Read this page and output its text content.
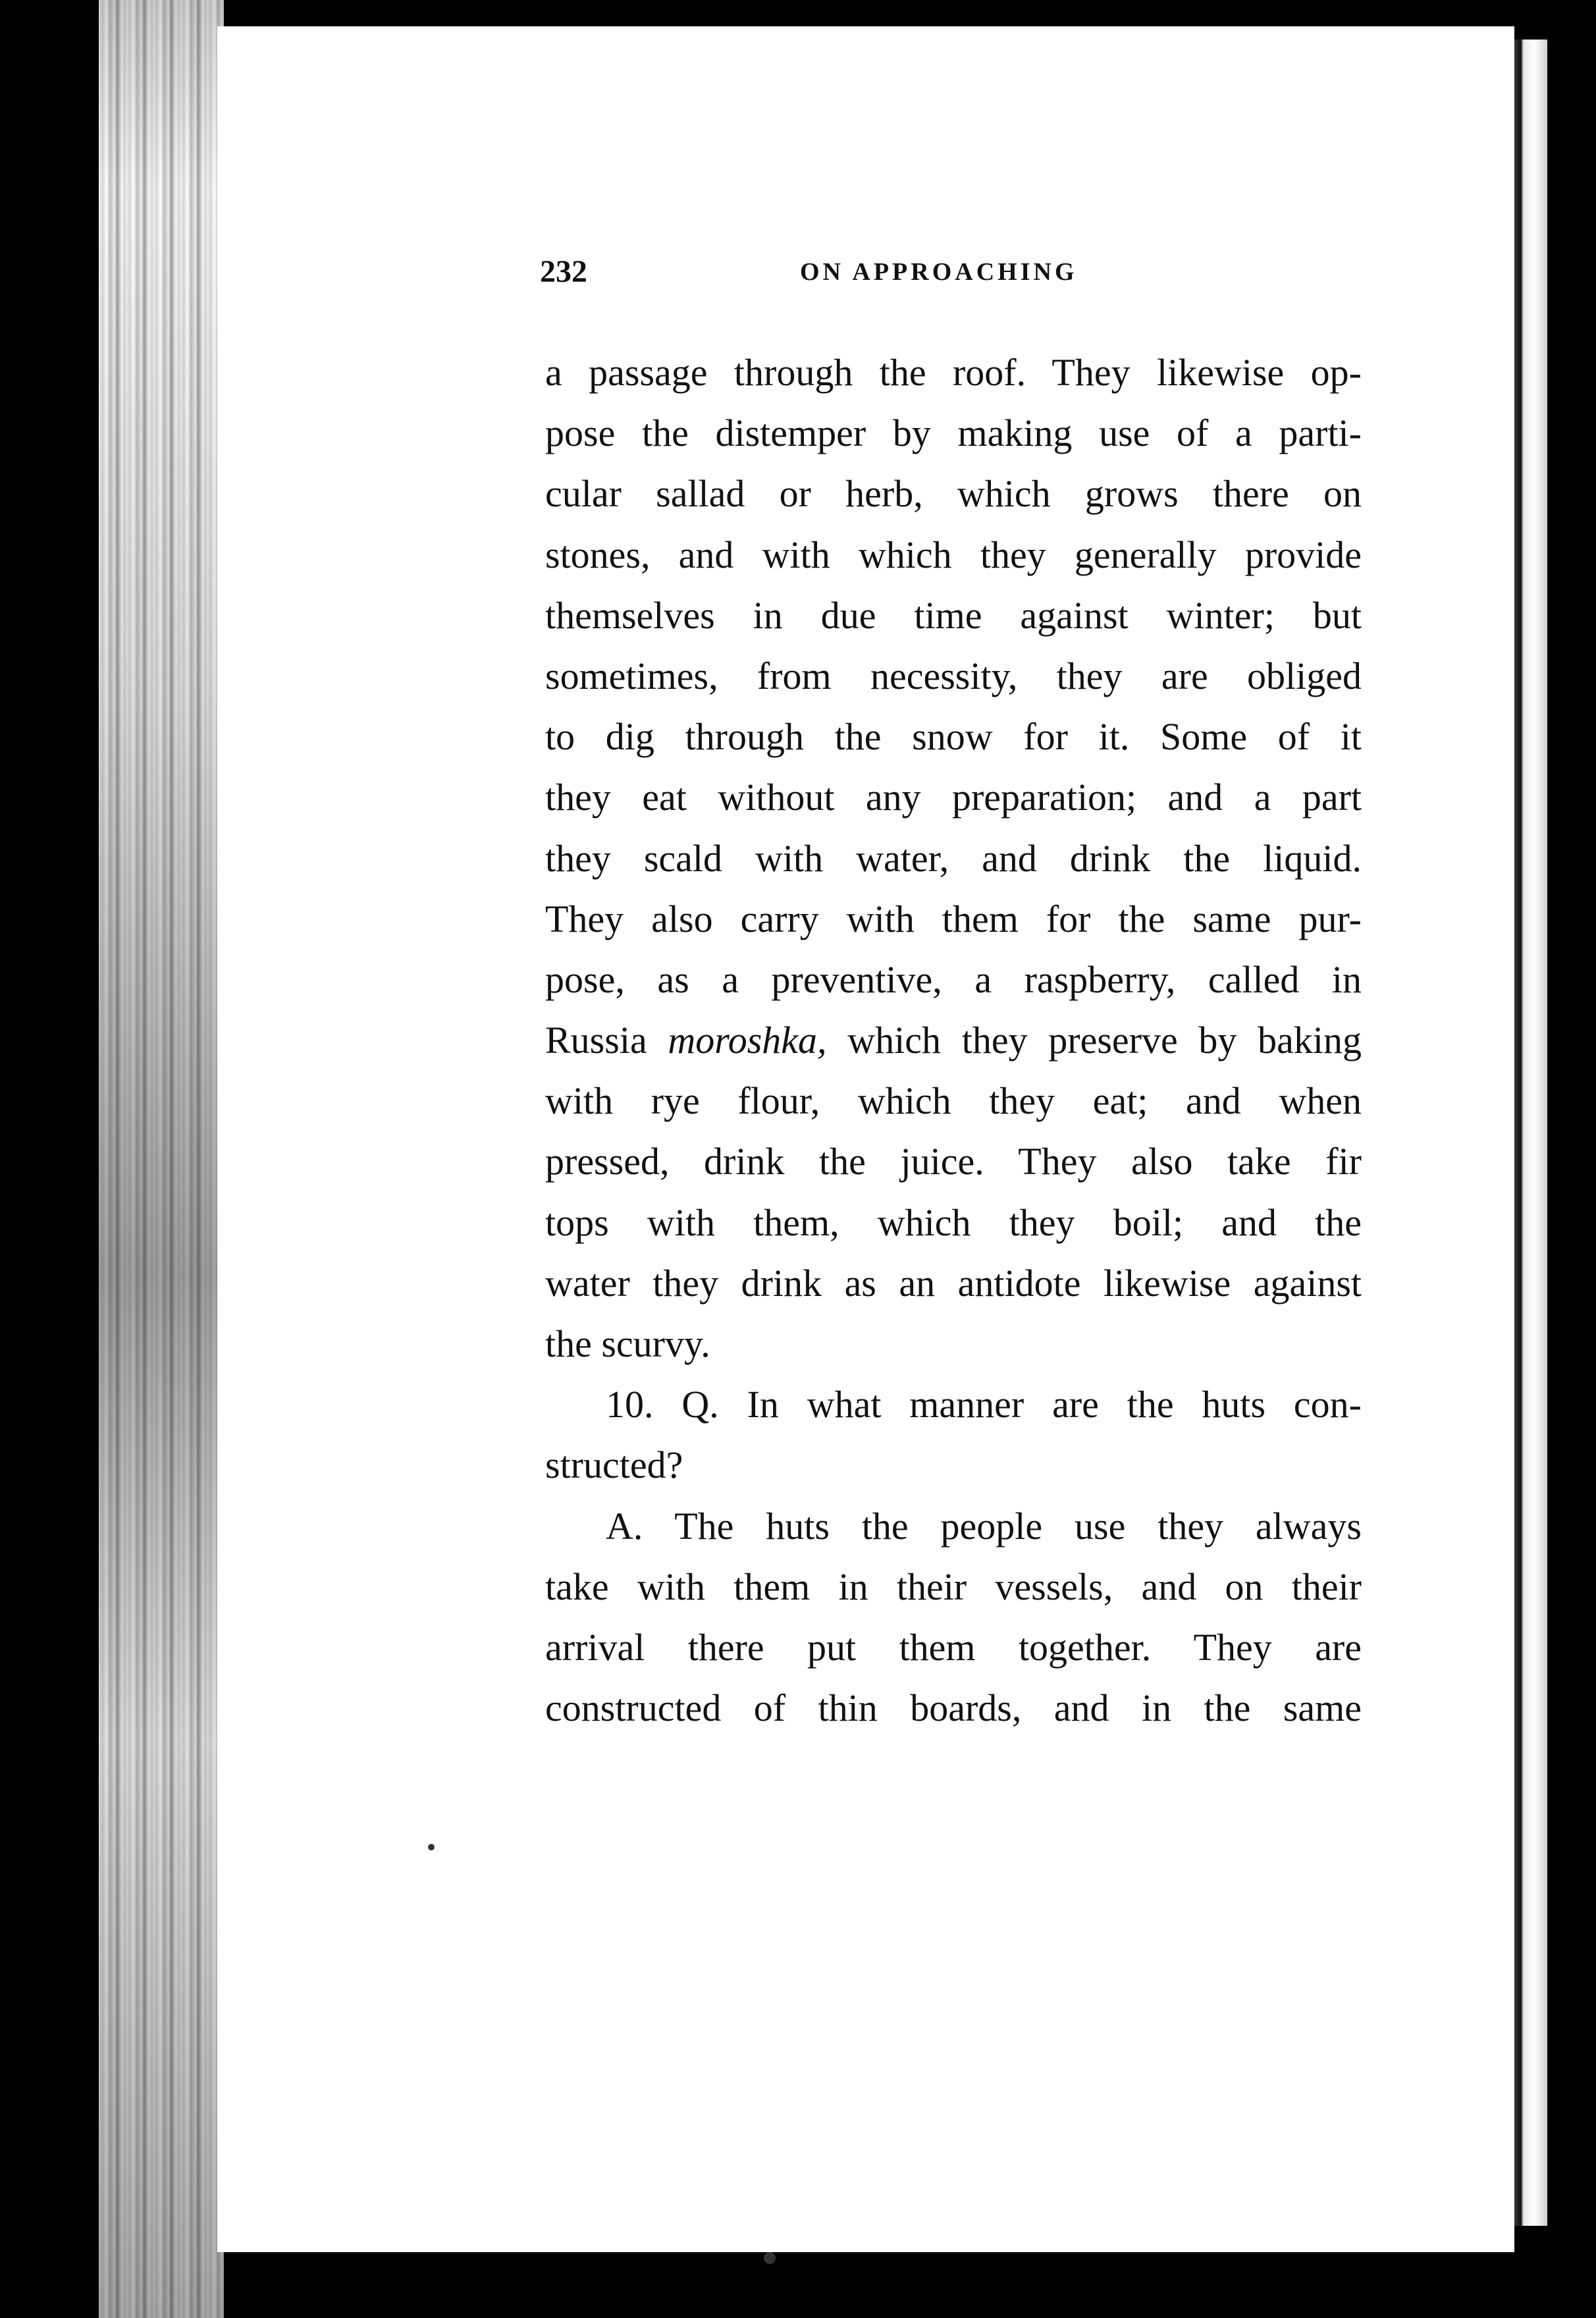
232	ON APPROACHING
a passage through the roof. They likewise op-
pose the distemper by making use of a parti-
cular sallad or herb, which grows there on
stones, and with which they generally provide
themselves in due time against winter; but
sometimes, from necessity, they are obliged
to dig through the snow for it. Some of it
they eat without any preparation; and a part
they scald with water, and drink the liquid.
They also carry with them for the same pur-
pose, as a preventive, a raspberry, called in
Russia moroshka, which they preserve by baking
with rye flour, which they eat; and when
pressed, drink the juice. They also take fir
tops with them, which they boil; and the
water they drink as an antidote likewise against
the scurvy.
10. Q. In what manner are the huts con-
structed?
A. The huts the people use they always
take with them in their vessels, and on their
arrival there put them together. They are
constructed of thin boards, and in the same
